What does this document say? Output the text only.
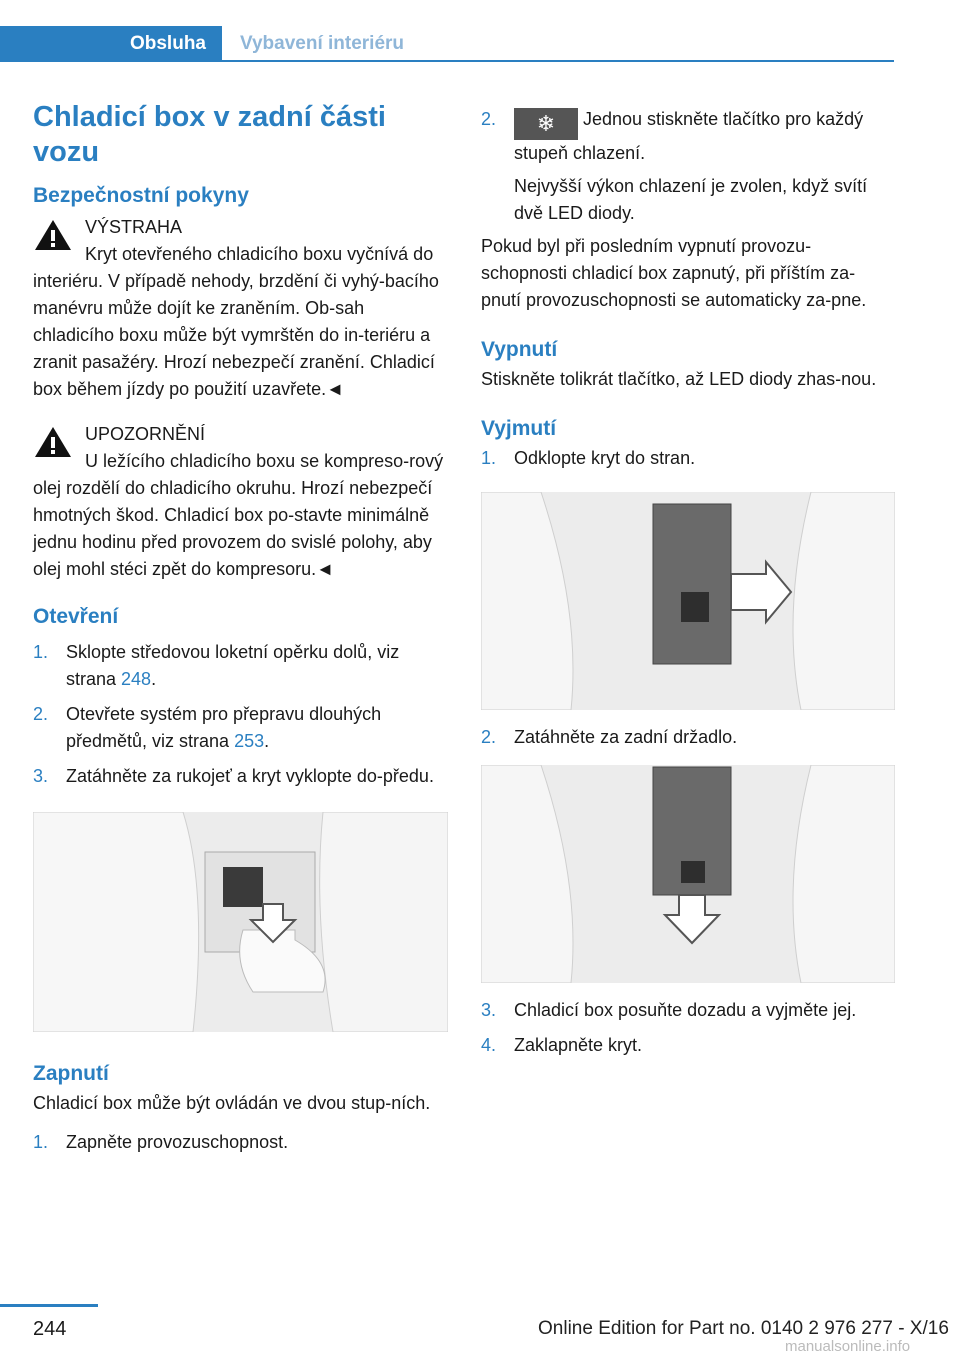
Obsluha Vybavení interiéru
Chladicí box v zadní části vozu
Bezpečnostní pokyny

VÝSTRAHA

Kryt otevřeného chladicího boxu vyčnívá do interiéru. V případě nehody, brzdění či vyhý-bacího manévru může dojít ke zraněním. Ob-sah chladicího boxu může být vymrštěn do in-teriéru a zranit pasažéry. Hrozí nebezpečí zranění. Chladicí box během jízdy po použití uzavřete.◄

UPOZORNĚNÍ

U ležícího chladicího boxu se kompreso-rový olej rozdělí do chladicího okruhu. Hrozí nebezpečí hmotných škod. Chladicí box po-stavte minimálně jednu hodinu před provozem do svislé polohy, aby olej mohl stéci zpět do kompresoru.◄

Otevření
1. Sklopte středovou loketní opěrku dolů, viz strana 248.
2. Otevřete systém pro přepravu dlouhých předmětů, viz strana 253.
3. Zatáhněte za rukojeť a kryt vyklopte do-předu.
Zapnutí

Chladicí box může být ovládán ve dvou stup-ních.

1. Zapněte provozuschopnost.
2. ❄ Jednou stiskněte tlačítko pro každý stupeň chlazení.

Nejvyšší výkon chlazení je zvolen, když svítí dvě LED diody.

Pokud byl při posledním vypnutí provozu-schopnosti chladicí box zapnutý, při příštím za-pnutí provozuschopnosti se automaticky za-pne.

Vypnutí

Stiskněte tolikrát tlačítko, až LED diody zhas-nou.

Vyjmutí
1. Odklopte kryt do stran.
2. Zatáhněte za zadní držadlo.
3. Chladicí box posuňte dozadu a vyjměte jej.
4. Zaklapněte kryt.
244	Online Edition for Part no. 0140 2 976 277 - X/16
manualsonline.info
